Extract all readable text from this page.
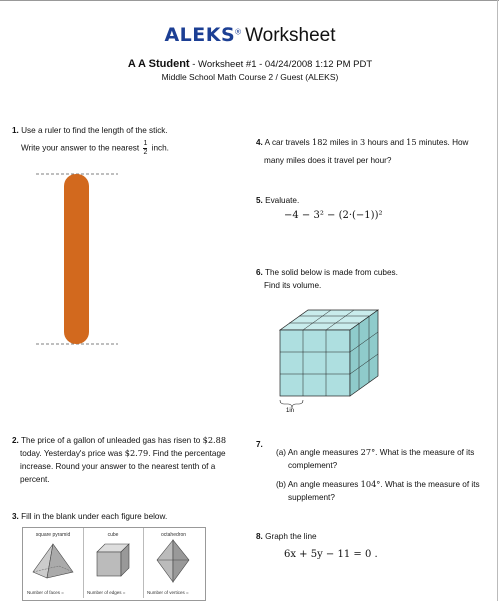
ALEKS® Worksheet
A A Student - Worksheet #1 - 04/24/2008 1:12 PM PDT
Middle School Math Course 2 / Guest (ALEKS)
1. Use a ruler to find the length of the stick.
Write your answer to the nearest $\frac{1}{2}$ inch.
2. The price of a gallon of unleaded gas has risen to $2.88
today. Yesterday's price was $2.79. Find the percentage
increase. Round your answer to the nearest tenth of a
percent.
3. Fill in the blank under each figure below.
square pyramid
Number of faces =
cube
Number of edges =
octahedron
Number of vertices =
4. A car travels 182 miles in 3 hours and 15 minutes. How
many miles does it travel per hour?
5. Evaluate.
−4 − 3² − (2·(−1))²
6. The solid below is made from cubes.
Find its volume.
1in
7.
(a) An angle measures 27°. What is the measure of its
complement?
(b) An angle measures 104°. What is the measure of its
supplement?
8. Graph the line
6x + 5y − 11 = 0 .
